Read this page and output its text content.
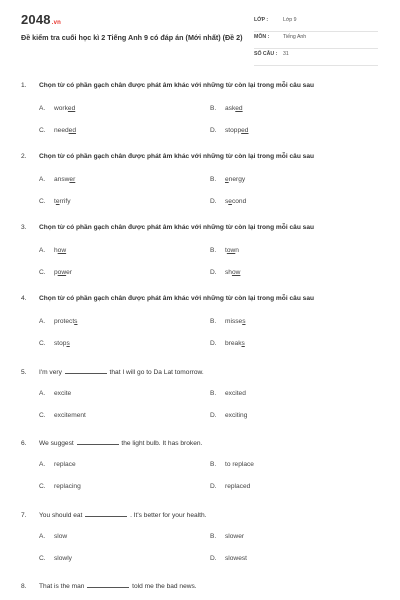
2048.vn
Đề kiểm tra cuối học kì 2 Tiếng Anh 9 có đáp án (Mới nhất) (Đề 2)
LỚP :	Lớp 9
MÔN :	Tiếng Anh
SỐ CÂU : 31
1. Chọn từ có phần gạch chân được phát âm khác với những từ còn lại trong mỗi câu sau
A. worked	B. asked
C. needed	D. stopped
2. Chọn từ có phần gạch chân được phát âm khác với những từ còn lại trong mỗi câu sau
A. answer	B. energy
C. terrify	D. second
3. Chọn từ có phần gạch chân được phát âm khác với những từ còn lại trong mỗi câu sau
A. how	B. town
C. power	D. show
4. Chọn từ có phần gạch chân được phát âm khác với những từ còn lại trong mỗi câu sau
A. protects	B. misses
C. stops	D. breaks
5. I'm very	that I will go to Da Lat tomorrow.
A. excite	B. excited
C. excitement	D. exciting
6. We suggest	the light bulb. It has broken.
A. replace	B. to replace
C. replacing	D. replaced
7. You should eat	. It's better for your health.
A. slow	B. slower
C. slowly	D. slowest
8. That is the man	told me the bad news.
